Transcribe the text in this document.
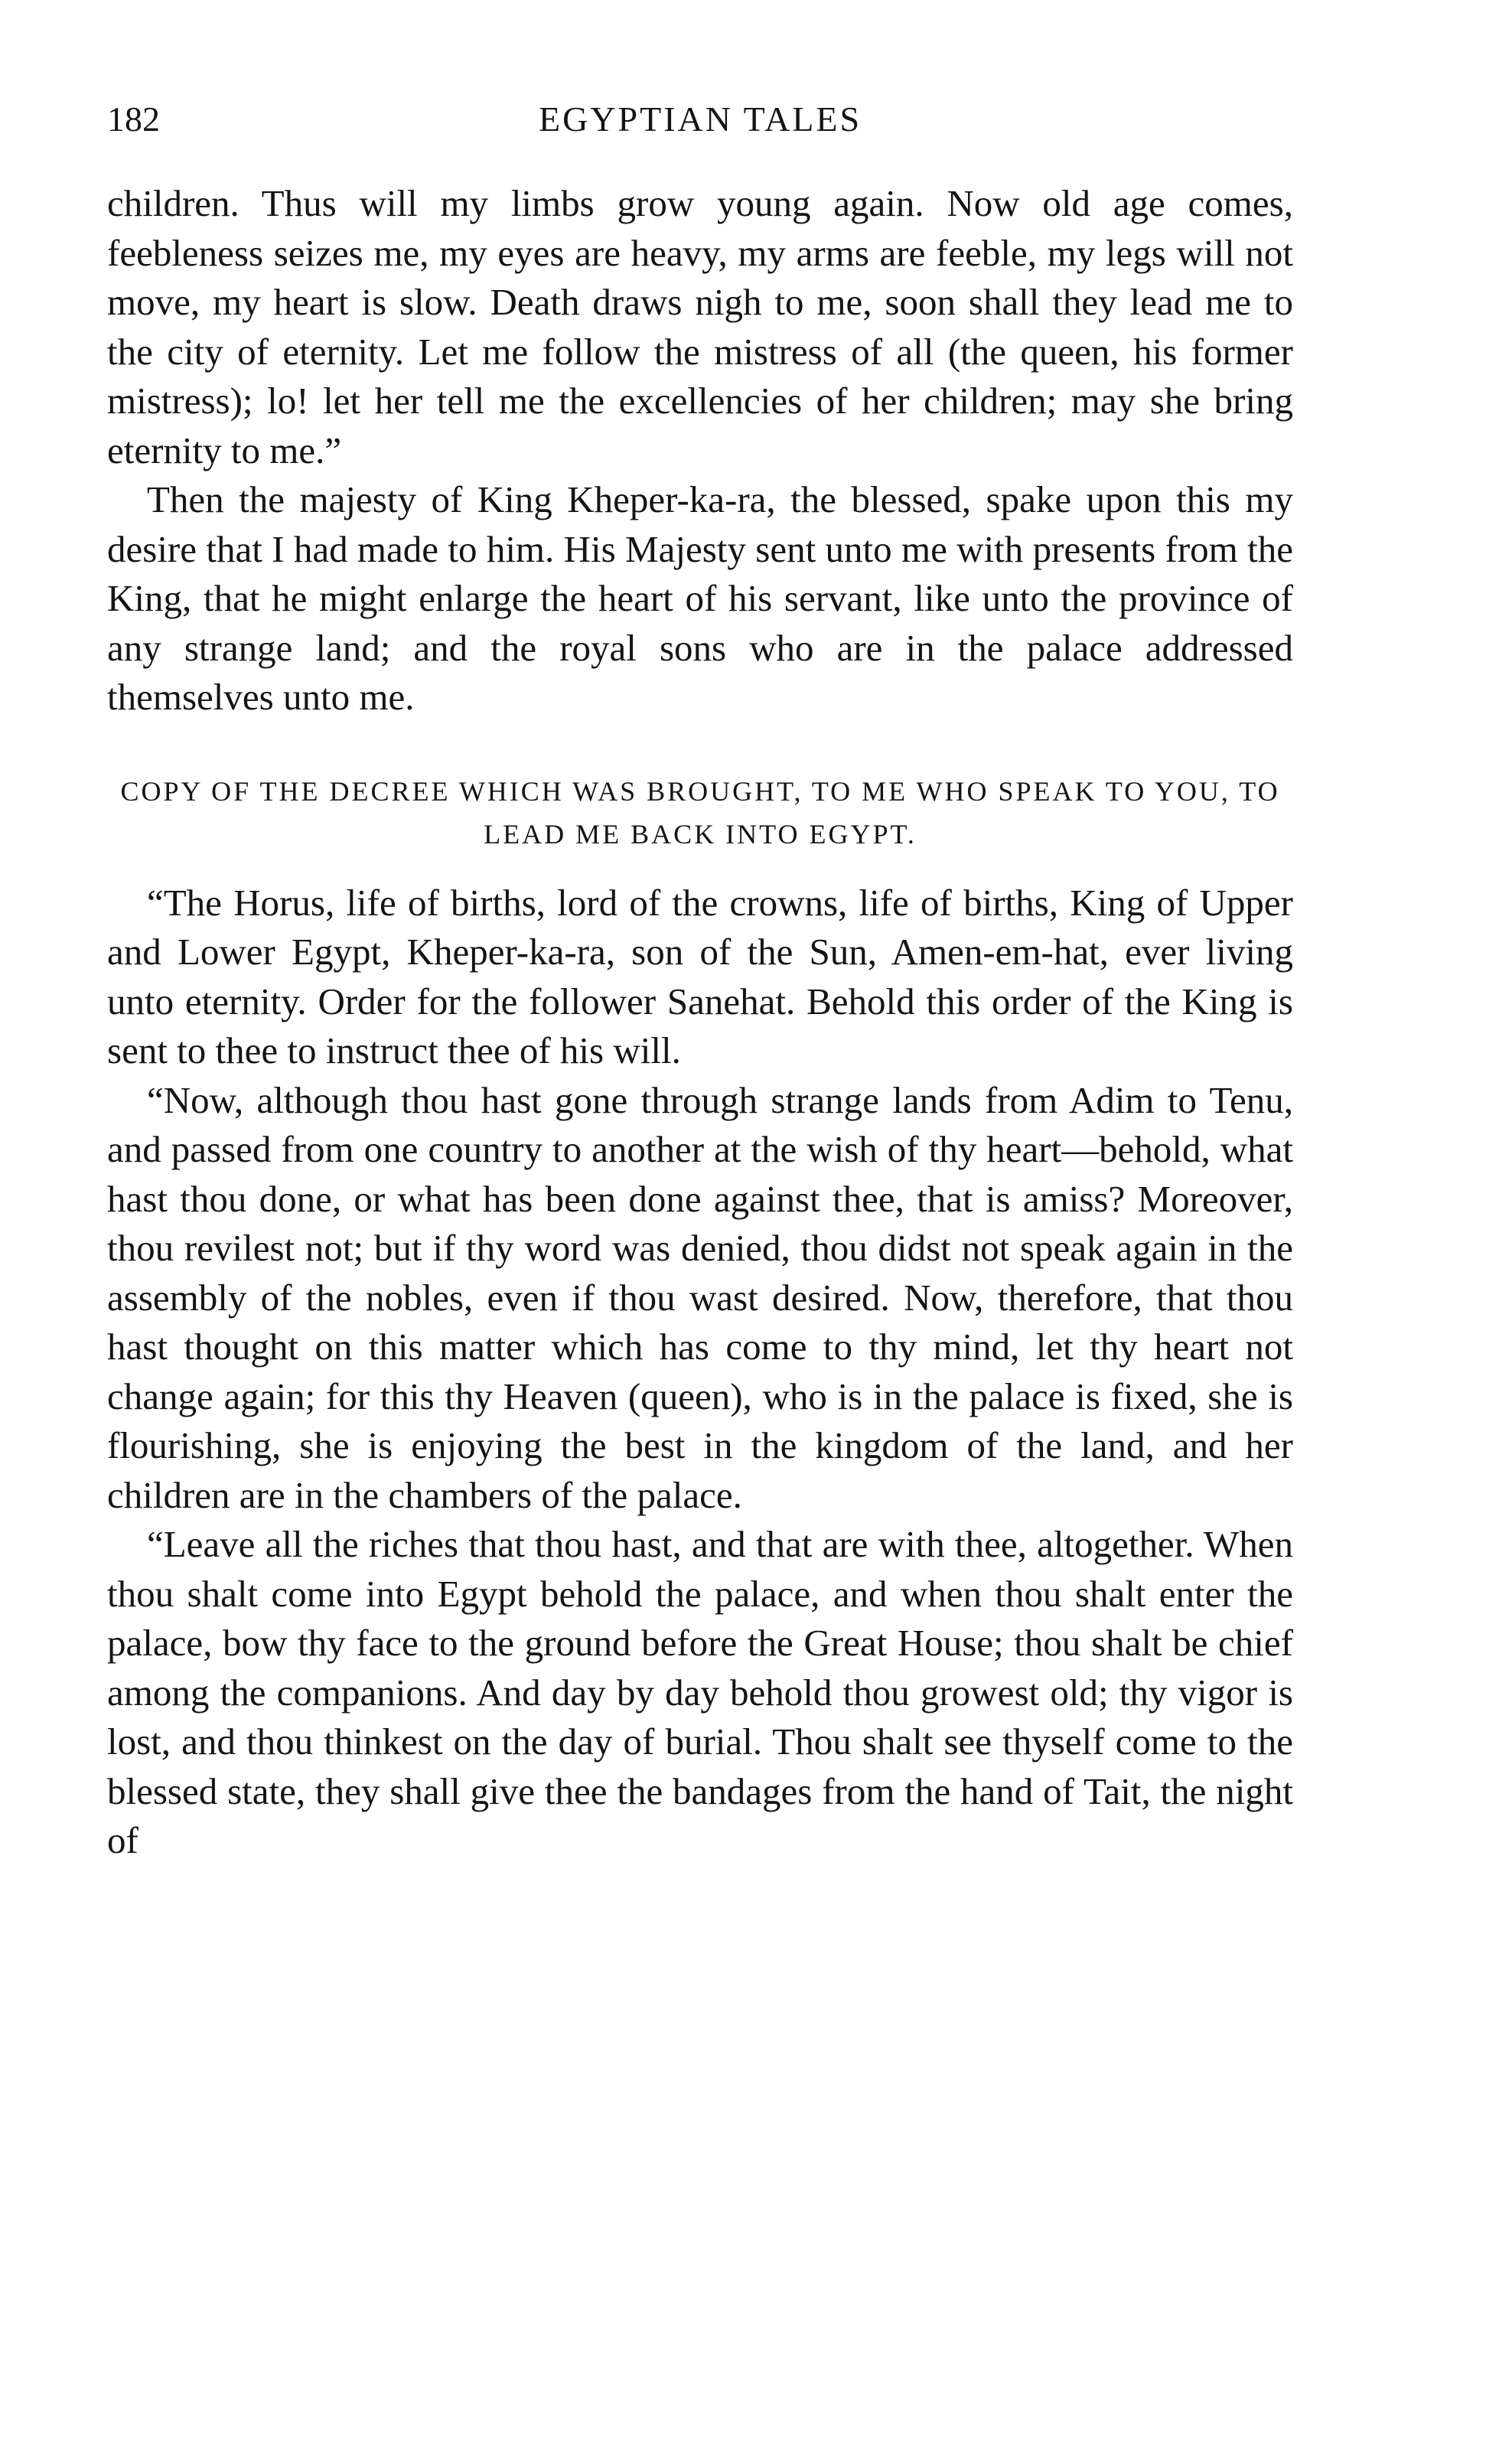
182	EGYPTIAN TALES

children. Thus will my limbs grow young again. Now old age comes, feebleness seizes me, my eyes are heavy, my arms are feeble, my legs will not move, my heart is slow. Death draws nigh to me, soon shall they lead me to the city of eternity. Let me follow the mistress of all (the queen, his former mistress); lo! let her tell me the excellencies of her children; may she bring eternity to me.”

Then the majesty of King Kheper-ka-ra, the blessed, spake upon this my desire that I had made to him. His Majesty sent unto me with presents from the King, that he might enlarge the heart of his servant, like unto the province of any strange land; and the royal sons who are in the palace addressed themselves unto me.

COPY OF THE DECREE WHICH WAS BROUGHT, TO ME WHO SPEAK TO YOU, TO LEAD ME BACK INTO EGYPT.

“The Horus, life of births, lord of the crowns, life of births, King of Upper and Lower Egypt, Kheper-ka-ra, son of the Sun, Amen-em-hat, ever living unto eternity. Order for the follower Sanehat. Behold this order of the King is sent to thee to instruct thee of his will.

“Now, although thou hast gone through strange lands from Adim to Tenu, and passed from one country to another at the wish of thy heart—behold, what hast thou done, or what has been done against thee, that is amiss? Moreover, thou revilest not; but if thy word was denied, thou didst not speak again in the assembly of the nobles, even if thou wast desired. Now, therefore, that thou hast thought on this matter which has come to thy mind, let thy heart not change again; for this thy Heaven (queen), who is in the palace is fixed, she is flourishing, she is enjoying the best in the kingdom of the land, and her children are in the chambers of the palace.

“Leave all the riches that thou hast, and that are with thee, altogether. When thou shalt come into Egypt behold the palace, and when thou shalt enter the palace, bow thy face to the ground before the Great House; thou shalt be chief among the companions. And day by day behold thou growest old; thy vigor is lost, and thou thinkest on the day of burial. Thou shalt see thyself come to the blessed state, they shall give thee the bandages from the hand of Tait, the night of
